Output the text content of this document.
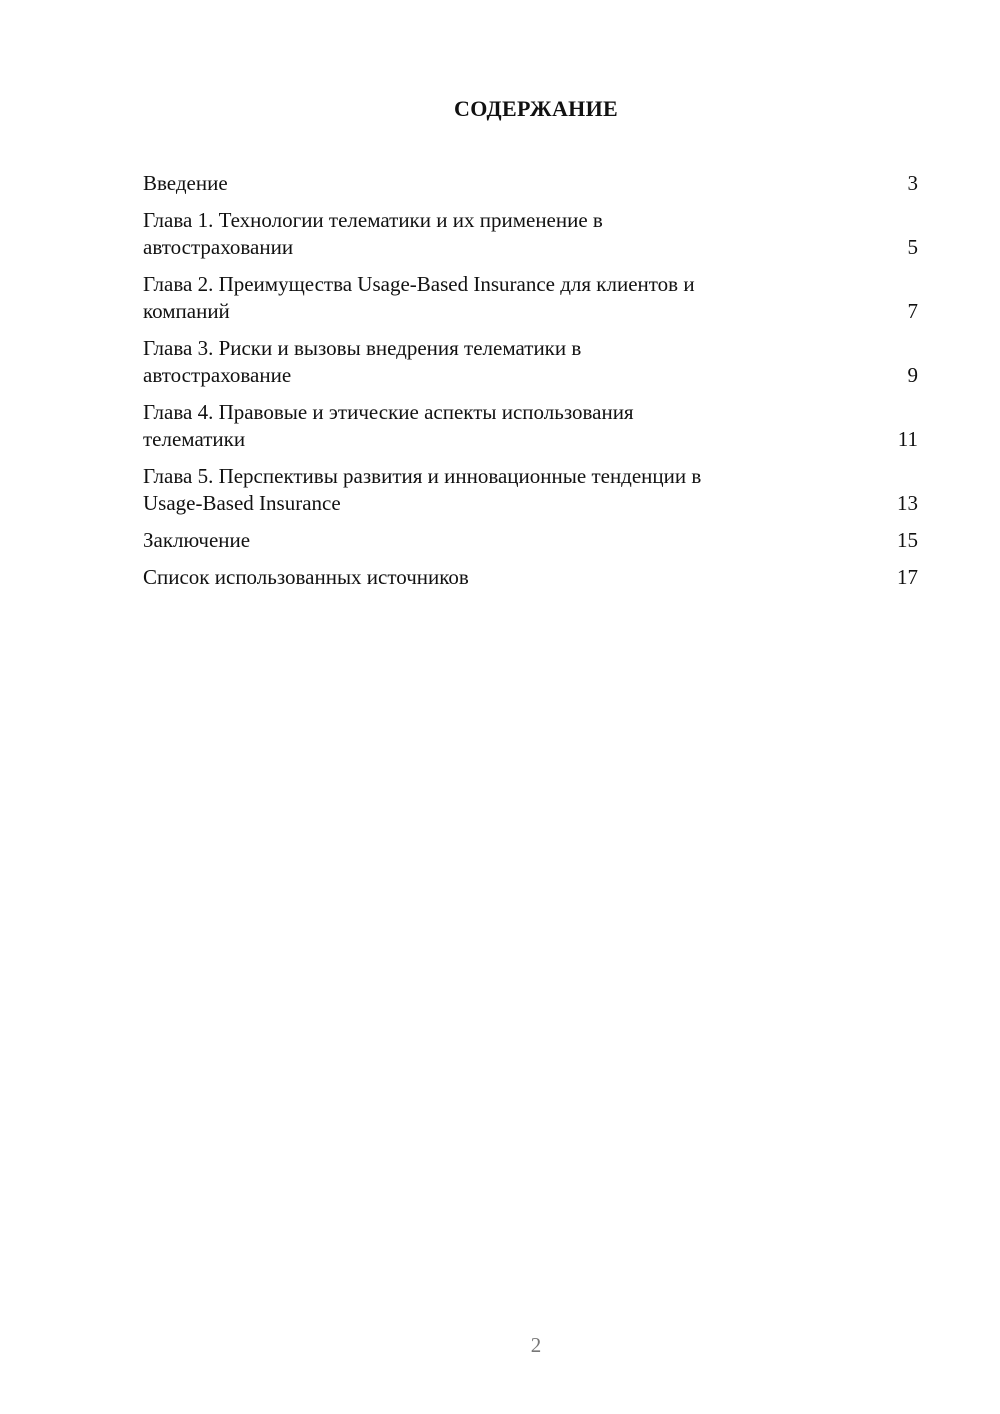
СОДЕРЖАНИЕ
Введение	3
Глава 1. Технологии телематики и их применение в
автостраховании	5
Глава 2. Преимущества Usage-Based Insurance для клиентов и
компаний	7
Глава 3. Риски и вызовы внедрения телематики в
автострахование	9
Глава 4. Правовые и этические аспекты использования
телематики	11
Глава 5. Перспективы развития и инновационные тенденции в
Usage-Based Insurance	13
Заключение	15
Список использованных источников	17
2
